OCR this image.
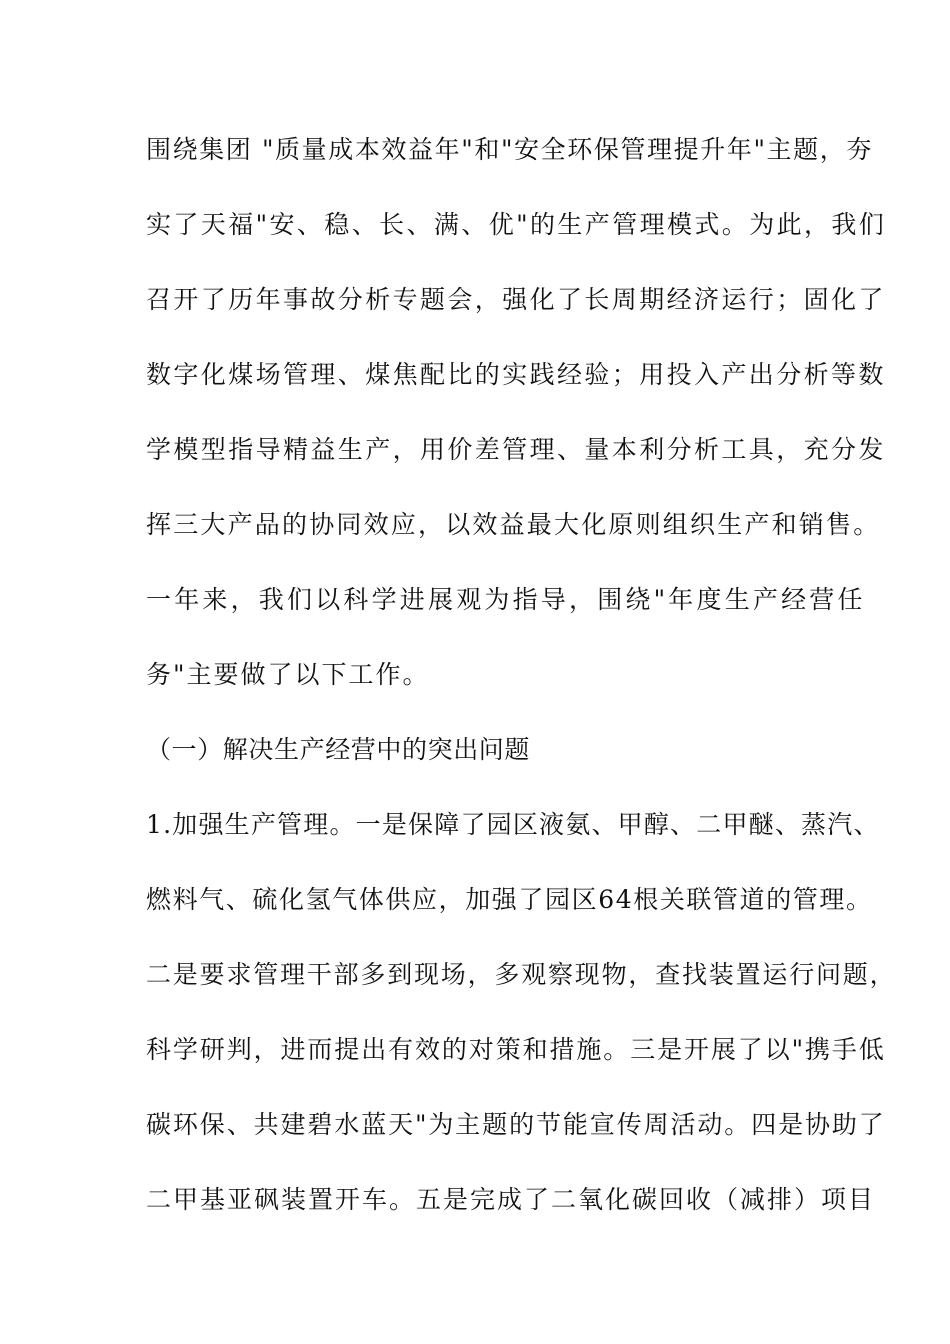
围绕集团 "质量成本效益年"和"安全环保管理提升年"主题，夯
实了天福"安、稳、长、满、优"的生产管理模式。为此，我们
召开了历年事故分析专题会，强化了长周期经济运行；固化了
数字化煤场管理、煤焦配比的实践经验；用投入产出分析等数
学模型指导精益生产，用价差管理、量本利分析工具，充分发
挥三大产品的协同效应，以效益最大化原则组织生产和销售。
一年来，我们以科学进展观为指导，围绕"年度生产经营任
务"主要做了以下工作。
（一）解决生产经营中的突出问题
1.加强生产管理。一是保障了园区液氨、甲醇、二甲醚、蒸汽、
燃料气、硫化氢气体供应，加强了园区64根关联管道的管理。
二是要求管理干部多到现场，多观察现物，查找装置运行问题，
科学研判，进而提出有效的对策和措施。三是开展了以"携手低
碳环保、共建碧水蓝天"为主题的节能宣传周活动。四是协助了
二甲基亚砜装置开车。五是完成了二氧化碳回收（减排）项目
